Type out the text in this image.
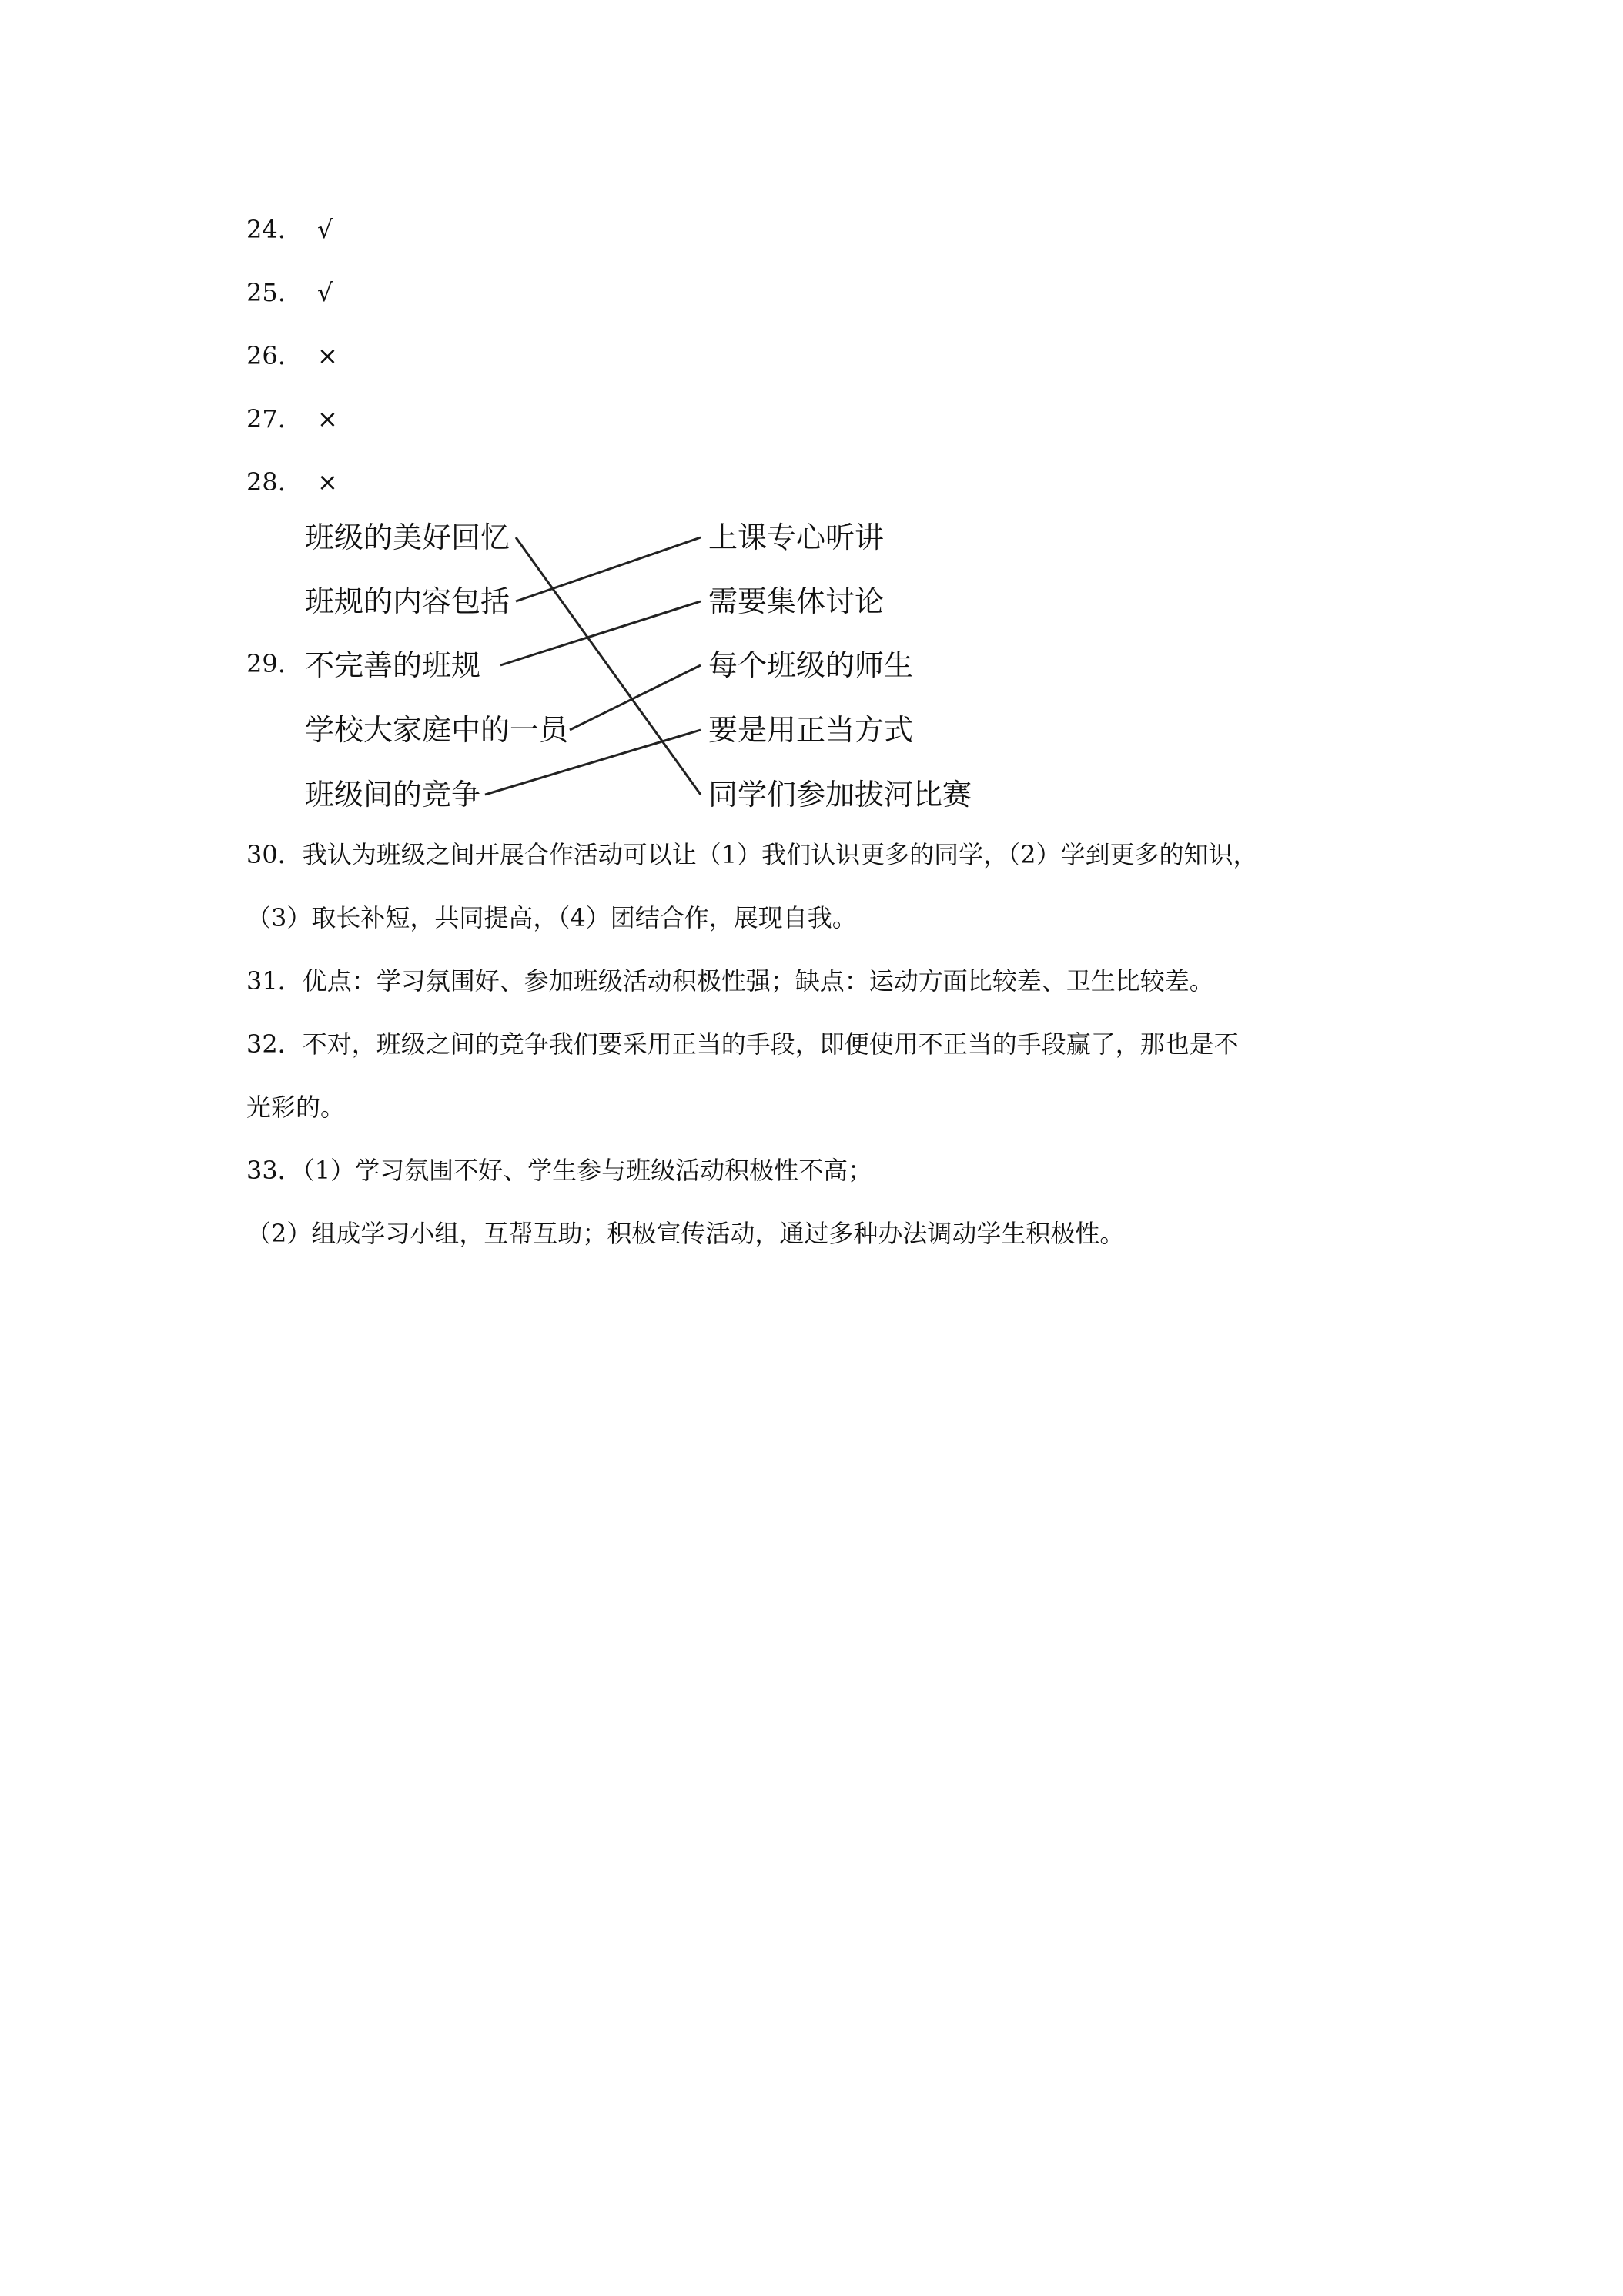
24. √
25. √
26. ×
27. ×
28. ×
29.
班级的美好回忆
班规的内容包括
不完善的班规
学校大家庭中的一员
班级间的竞争
上课专心听讲
需要集体讨论
每个班级的师生
要是用正当方式
同学们参加拔河比赛
30．我认为班级之间开展合作活动可以让（1）我们认识更多的同学，（2）学到更多的知识，
（3）取长补短，共同提高，（4）团结合作，展现自我。
31．优点：学习氛围好、参加班级活动积极性强；缺点：运动方面比较差、卫生比较差。
32．不对，班级之间的竞争我们要采用正当的手段，即便使用不正当的手段赢了，那也是不
光彩的。
33．（1）学习氛围不好、学生参与班级活动积极性不高；
（2）组成学习小组，互帮互助；积极宣传活动，通过多种办法调动学生积极性。
